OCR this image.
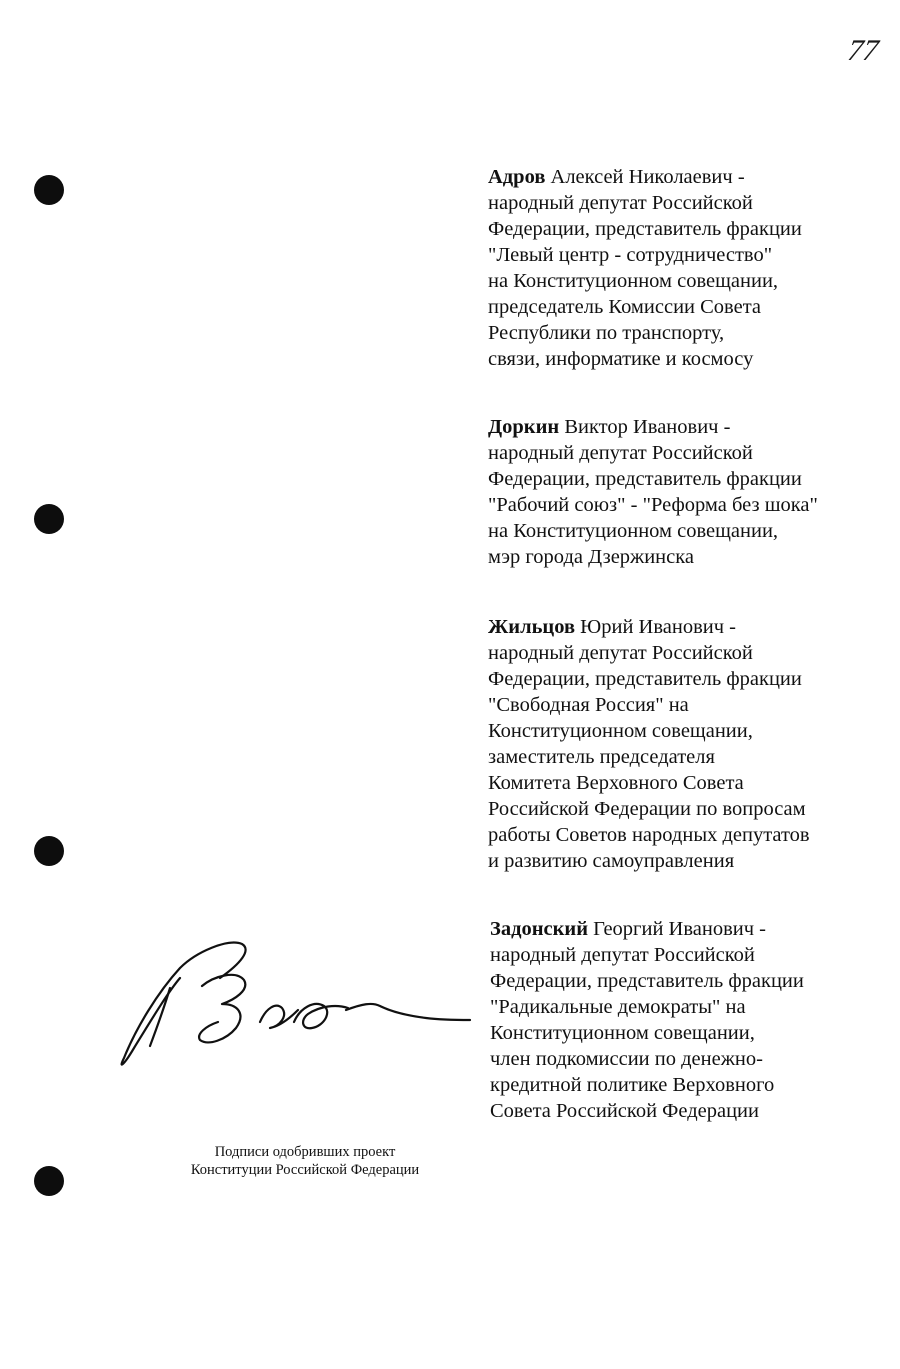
77
Адров Алексей Николаевич -
народный депутат Российской
Федерации, представитель фракции
"Левый центр - сотрудничество"
на Конституционном совещании,
председатель Комиссии Совета
Республики по транспорту,
связи, информатике и космосу
Доркин Виктор Иванович -
народный депутат Российской
Федерации, представитель фракции
"Рабочий союз" - "Реформа без шока"
на Конституционном совещании,
мэр города Дзержинска
Жильцов Юрий Иванович -
народный депутат Российской
Федерации, представитель фракции
"Свободная Россия" на
Конституционном совещании,
заместитель председателя
Комитета Верховного Совета
Российской Федерации по вопросам
работы Советов народных депутатов
и развитию самоуправления
Задонский Георгий Иванович -
народный депутат Российской
Федерации, представитель фракции
"Радикальные демократы" на
Конституционном совещании,
член подкомиссии по денежно-
кредитной политике Верховного
Совета Российской Федерации
Подписи одобривших проект
Конституции Российской Федерации
